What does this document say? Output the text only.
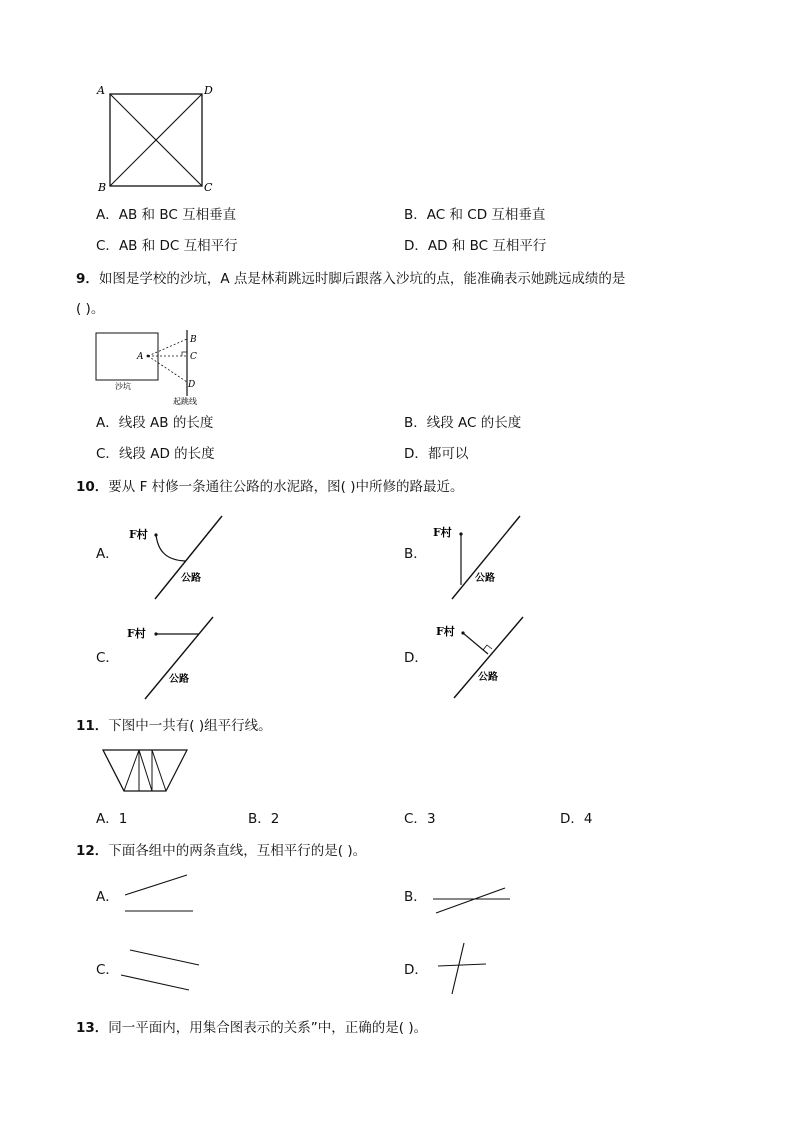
A	D
B	C
A．AB 和 BC 互相垂直	B．AC 和 CD 互相垂直
C．AB 和 DC 互相平行	D．AD 和 BC 互相平行
9．如图是学校的沙坑，A 点是林莉跳远时脚后跟落入沙坑的点，能准确表示她跳远成绩的是
( )。
A
B
C
D
沙坑
起跳线
A．线段 AB 的长度	B．线段 AC 的长度
C．线段 AD 的长度	D．都可以
10．要从 F 村修一条通往公路的水泥路，图( )中所修的路最近。
A．
F村
公路
B．
F村
公路
C．
F村
公路
D．
F村
公路
11．下图中一共有( )组平行线。
A．1	B．2	C．3	D．4
12．下面各组中的两条直线，互相平行的是( )。
A．	B．
C．	D．
13．同一平面内，用集合图表示的关系”中，正确的是( )。
